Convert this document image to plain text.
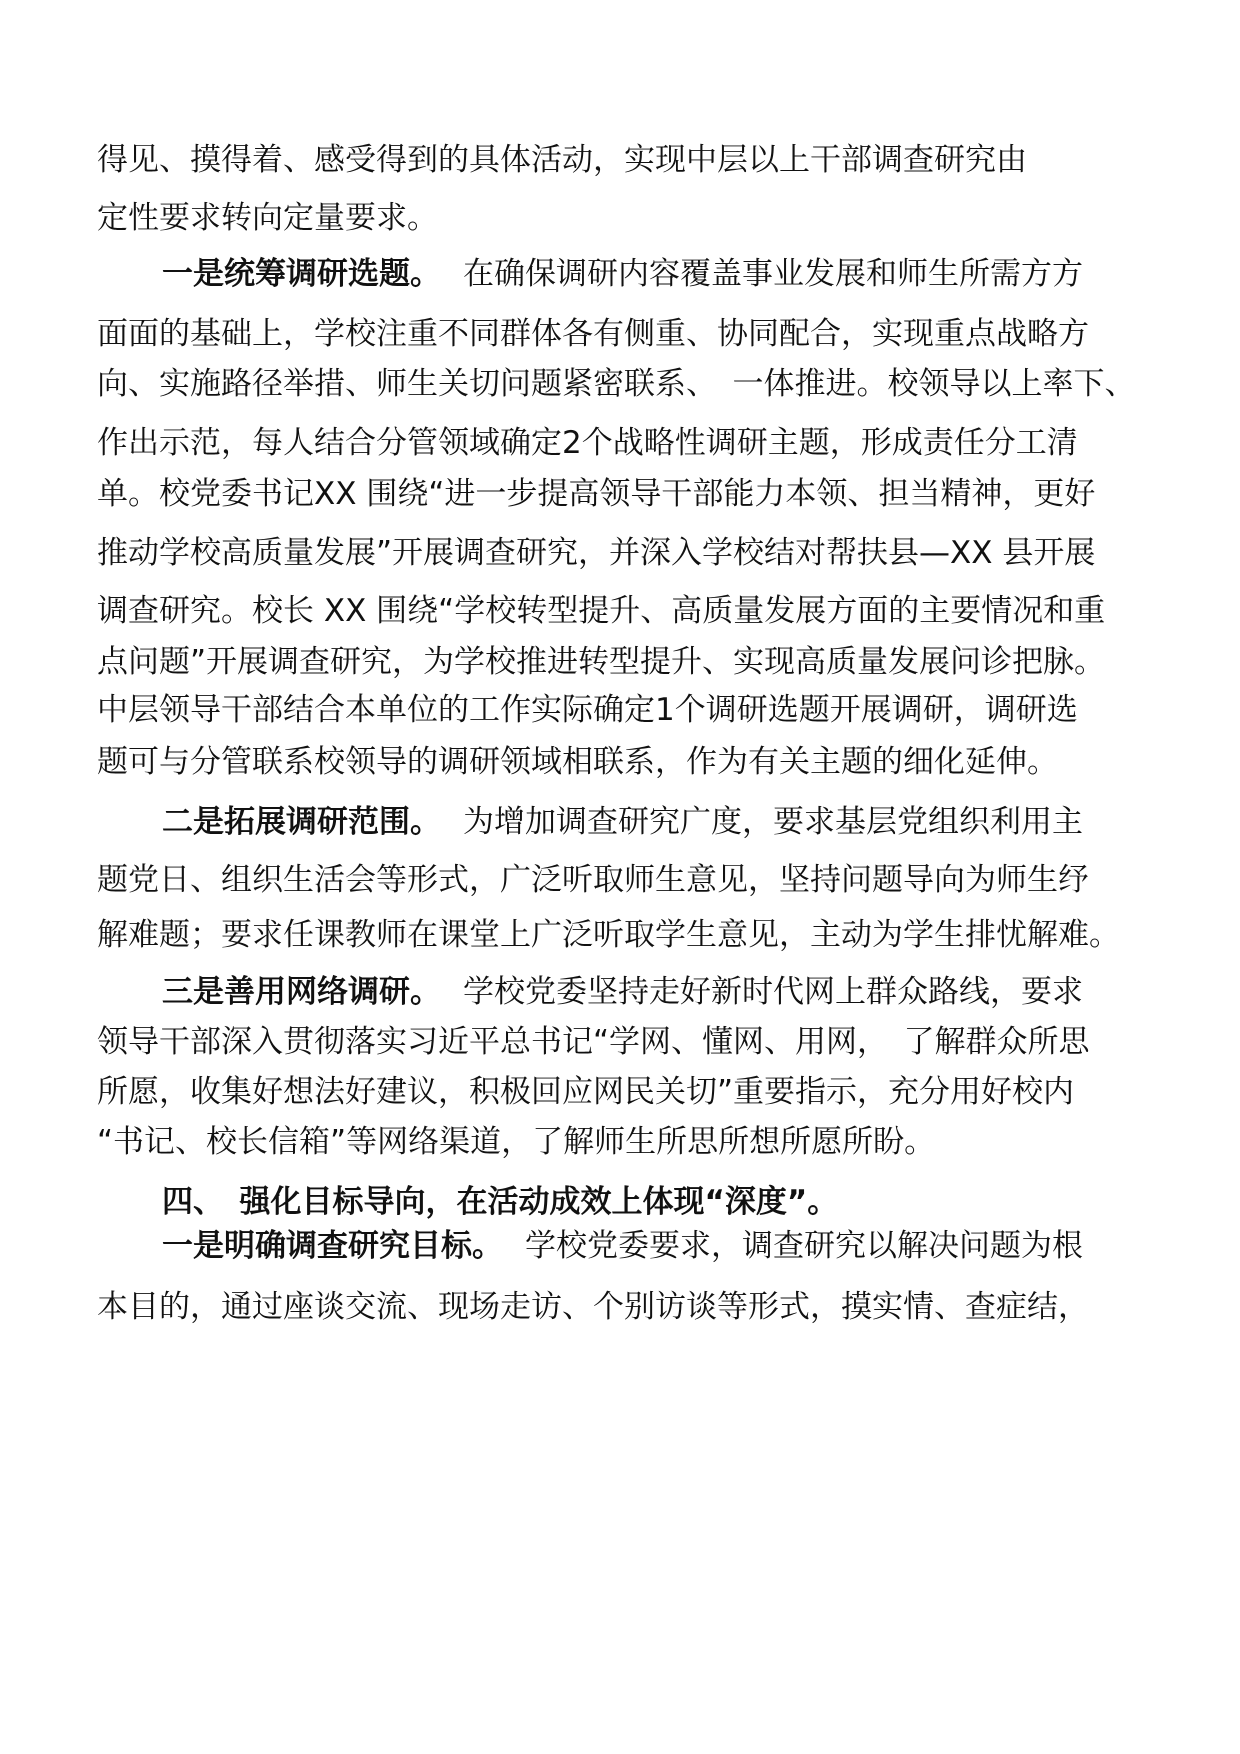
得见、摸得着、感受得到的具体活动，实现中层以上干部调查研究由
定性要求转向定量要求。
一是统筹调研选题。 在确保调研内容覆盖事业发展和师生所需方方
面面的基础上，学校注重不同群体各有侧重、协同配合，实现重点战略方
向、实施路径举措、师生关切问题紧密联系、　一体推进。校领导以上率下、
作出示范，每人结合分管领域确定2个战略性调研主题，形成责任分工清
单。校党委书记XX 围绕“进一步提高领导干部能力本领、担当精神，更好
推动学校高质量发展”开展调查研究，并深入学校结对帮扶县—XX 县开展
调查研究。校长 XX 围绕“学校转型提升、高质量发展方面的主要情况和重
点问题”开展调查研究，为学校推进转型提升、实现高质量发展问诊把脉。
中层领导干部结合本单位的工作实际确定1个调研选题开展调研，调研选
题可与分管联系校领导的调研领域相联系，作为有关主题的细化延伸。
二是拓展调研范围。 为增加调查研究广度，要求基层党组织利用主
题党日、组织生活会等形式，广泛听取师生意见，坚持问题导向为师生纾
解难题；要求任课教师在课堂上广泛听取学生意见，主动为学生排忧解难。
三是善用网络调研。 学校党委坚持走好新时代网上群众路线，要求
领导干部深入贯彻落实习近平总书记“学网、懂网、用网，　了解群众所思
所愿，收集好想法好建议，积极回应网民关切”重要指示，充分用好校内
“书记、校长信箱”等网络渠道，了解师生所思所想所愿所盼。
四、　强化目标导向，在活动成效上体现“深度”。
一是明确调查研究目标。 学校党委要求，调查研究以解决问题为根
本目的，通过座谈交流、现场走访、个别访谈等形式，摸实情、查症结，
